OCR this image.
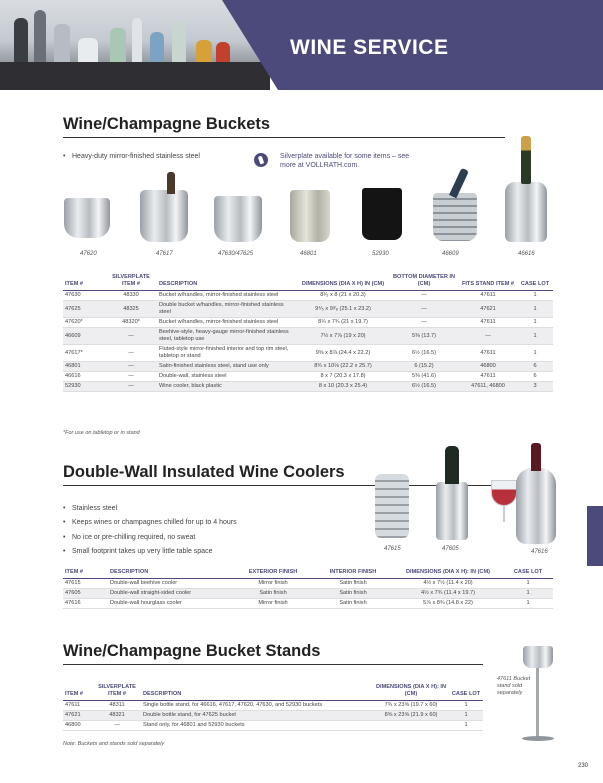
WINE SERVICE
Wine/Champagne Buckets
• Heavy-duty mirror-finished stainless steel	Silverplate available for some items – see more at VOLLRATH.com.
47620	47617	47630/47625	46801	52930	46609	46616
ITEM #	SILVERPLATE ITEM #	DESCRIPTION	DIMENSIONS (DIA X H) IN (CM)	BOTTOM DIAMETER IN (CM)	FITS STAND ITEM #	CASE LOT
47630	48330	Bucket w/handles, mirror-finished stainless steel	8¹⁄₅ x 8 (21 x 20.3)	—	47611	1
47625	48325	Double bucket w/handles, mirror-finished stainless steel	9⁴⁄₅ x 9³⁄₈ (25.1 x 23.2)	—	47621	1
47620*	48320*	Bucket w/handles, mirror-finished stainless steel	8¼ x 7¾ (21 x 19.7)	—	47611	1
46609	—	Beehive-style, heavy-gauge mirror-finished stainless steel, tabletop use	7½ x 7⅞ (19 x 20)	5⅜ (13.7)	—	1
47617*	—	Fluted-style mirror-finished interior and top rim steel, tabletop or stand	9⅝ x 8⅞ (24.4 x 22.2)	6½ (16.5)	47611	1
46801	—	Satin-finished stainless steel, stand use only	8¾ x 10⅛ (22.2 x 25.7)	6 (15.2)	46800	6
46616	—	Double-wall, stainless steel	8 x 7 (20.3 x 17.8)	5⅜ (41.6)	47611	6
52930	—	Wine cooler, black plastic	8 x 10 (20.3 x 25.4)	6½ (16.5)	47611, 46800	3
*For use on tabletop or in stand
Double-Wall Insulated Wine Coolers
• Stainless steel
• Keeps wines or champagnes chilled for up to 4 hours
• No ice or pre-chilling required, no sweat
• Small footprint takes up very little table space	47615	47605	47616
ITEM #	DESCRIPTION	EXTERIOR FINISH	INTERIOR FINISH	DIMENSIONS (DIA X H): IN (CM)	CASE LOT
47615	Double-wall beehive cooler	Mirror finish	Satin finish	4½ x 7½ (11.4 x 20)	1
47605	Double-wall straight-sided cooler	Satin finish	Satin finish	4½ x 7¾ (11.4 x 19.7)	1
47616	Double-wall hourglass cooler	Mirror finish	Satin finish	5⅞ x 8¾ (14.8 x 22)	1
Wine/Champagne Bucket Stands
ITEM #	SILVERPLATE ITEM #	DESCRIPTION	DIMENSIONS (DIA X H): IN (CM)	CASE LOT
47611	48311	Single bottle stand, for 46616, 47617, 47620, 47630, and 52930 buckets	7¾ x 23⅝ (19.7 x 60)	1
47621	48321	Double bottle stand, for 47625 bucket	8⅝ x 23⅝ (21.9 x 60)	1
46800	—	Stand only, for 46801 and 52930 buckets		1
Note: Buckets and stands sold separately
47611 Bucket stand sold separately
230
